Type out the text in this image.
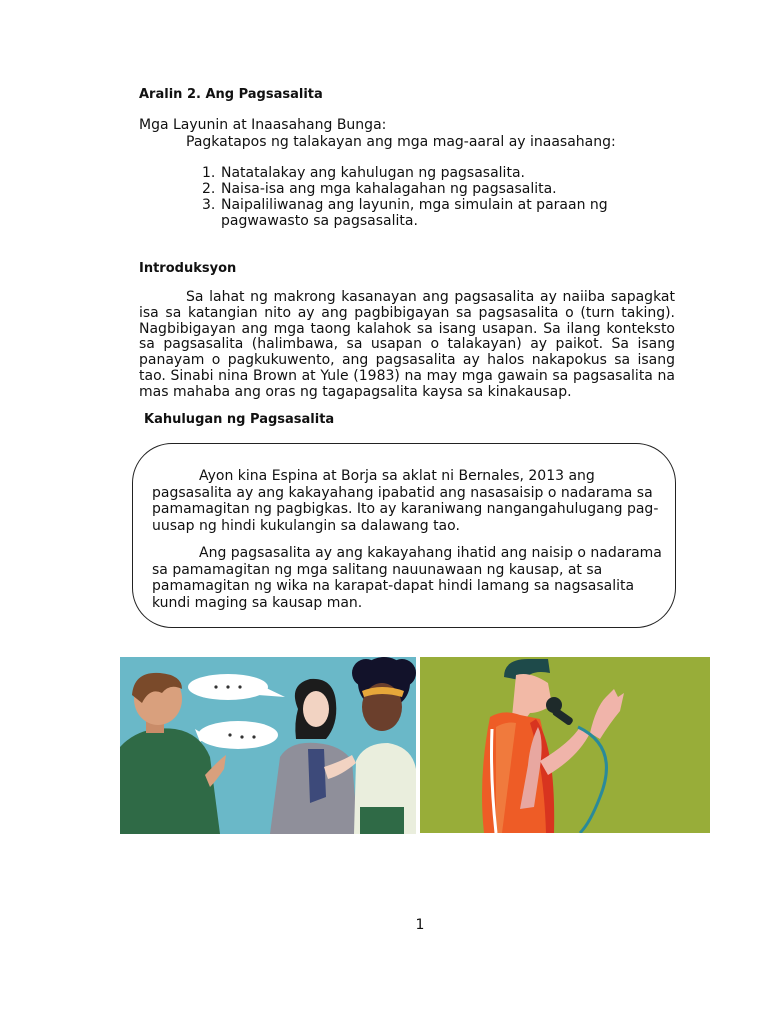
Aralin 2. Ang Pagsasalita
Mga Layunin at Inaasahang Bunga:
Pagkatapos ng talakayan ang mga mag-aaral ay inaasahang:
1. Natatalakay ang kahulugan ng pagsasalita.
2. Naisa-isa ang mga kahalagahan ng pagsasalita.
3. Naipaliliwanag ang layunin, mga simulain at paraan ng pagwawasto sa pagsasalita.
Introduksyon

Sa lahat ng makrong kasanayan ang pagsasalita ay naiiba sapagkat isa sa katangian nito ay ang pagbibigayan sa pagsasalita o (turn taking). Nagbibigayan ang mga taong kalahok sa isang usapan. Sa ilang konteksto sa pagsasalita (halimbawa, sa usapan o talakayan) ay paikot. Sa isang panayam o pagkukuwento, ang pagsasalita ay halos nakapokus sa isang tao. Sinabi nina Brown at Yule (1983) na may mga gawain sa pagsasalita na mas mahaba ang oras ng tagapagsalita kaysa sa kinakausap.

Kahulugan ng Pagsasalita

Ayon kina Espina at Borja sa aklat ni Bernales, 2013 ang pagsasalita ay ang kakayahang ipabatid ang nasasaisip o nadarama sa pamamagitan ng pagbigkas. Ito ay karaniwang nangangahulugang pag-uusap ng hindi kukulangin sa dalawang tao.

Ang pagsasalita ay ang kakayahang ihatid ang naisip o nadarama sa pamamagitan ng mga salitang nauunawaan ng kausap, at sa pamamagitan ng wika na karapat-dapat hindi lamang sa nagsasalita kundi maging sa kausap man.

1
